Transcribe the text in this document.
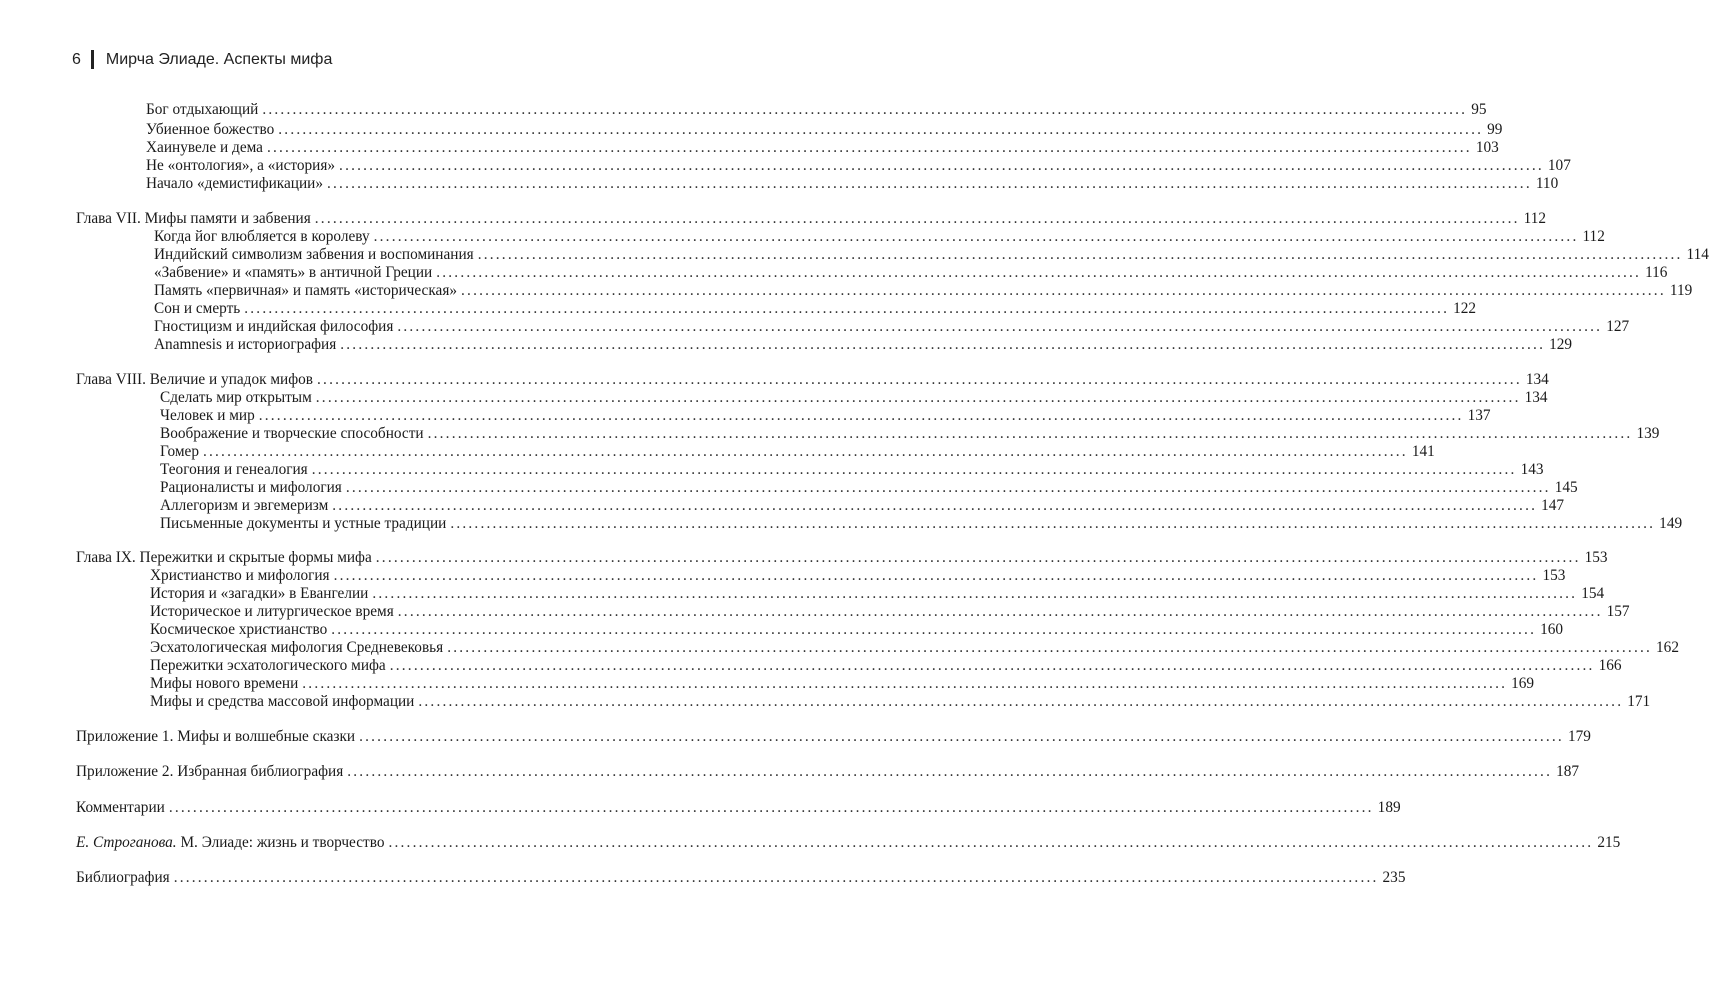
6 Мирча Элиаде. Аспекты мифа
Бог отдыхающий ........................................................................................................................................................................................................ 95
Убиенное божество ........................................................................................................................................................................................................ 99
Хаинувеле и дема ........................................................................................................................................................................................................ 103
Не «онтология», а «история» ........................................................................................................................................................................................................ 107
Начало «демистификации» ........................................................................................................................................................................................................ 110
Глава VII. Мифы памяти и забвения ........................................................................................................................................................................................................ 112
Когда йог влюбляется в королеву ........................................................................................................................................................................................................ 112
Индийский символизм забвения и воспоминания ........................................................................................................................................................................................................ 114
«Забвение» и «память» в античной Греции ........................................................................................................................................................................................................ 116
Память «первичная» и память «историческая» ........................................................................................................................................................................................................ 119
Сон и смерть ........................................................................................................................................................................................................ 122
Гностицизм и индийская философия ........................................................................................................................................................................................................ 127
Anamnesis и историография ........................................................................................................................................................................................................ 129
Глава VIII. Величие и упадок мифов ........................................................................................................................................................................................................ 134
Сделать мир открытым ........................................................................................................................................................................................................ 134
Человек и мир ........................................................................................................................................................................................................ 137
Воображение и творческие способности ........................................................................................................................................................................................................ 139
Гомер ........................................................................................................................................................................................................ 141
Теогония и генеалогия ........................................................................................................................................................................................................ 143
Рационалисты и мифология ........................................................................................................................................................................................................ 145
Аллегоризм и эвгемеризм ........................................................................................................................................................................................................ 147
Письменные документы и устные традиции ........................................................................................................................................................................................................ 149
Глава IX. Пережитки и скрытые формы мифа ........................................................................................................................................................................................................ 153
Христианство и мифология ........................................................................................................................................................................................................ 153
История и «загадки» в Евангелии ........................................................................................................................................................................................................ 154
Историческое и литургическое время ........................................................................................................................................................................................................ 157
Космическое христианство ........................................................................................................................................................................................................ 160
Эсхатологическая мифология Средневековья ........................................................................................................................................................................................................ 162
Пережитки эсхатологического мифа ........................................................................................................................................................................................................ 166
Мифы нового времени ........................................................................................................................................................................................................ 169
Мифы и средства массовой информации ........................................................................................................................................................................................................ 171
Приложение 1. Мифы и волшебные сказки ........................................................................................................................................................................................................ 179
Приложение 2. Избранная библиография ........................................................................................................................................................................................................ 187
Комментарии ........................................................................................................................................................................................................ 189
Е. Строганова. М. Элиаде: жизнь и творчество ........................................................................................................................................................................................................ 215
Библиография ........................................................................................................................................................................................................ 235
